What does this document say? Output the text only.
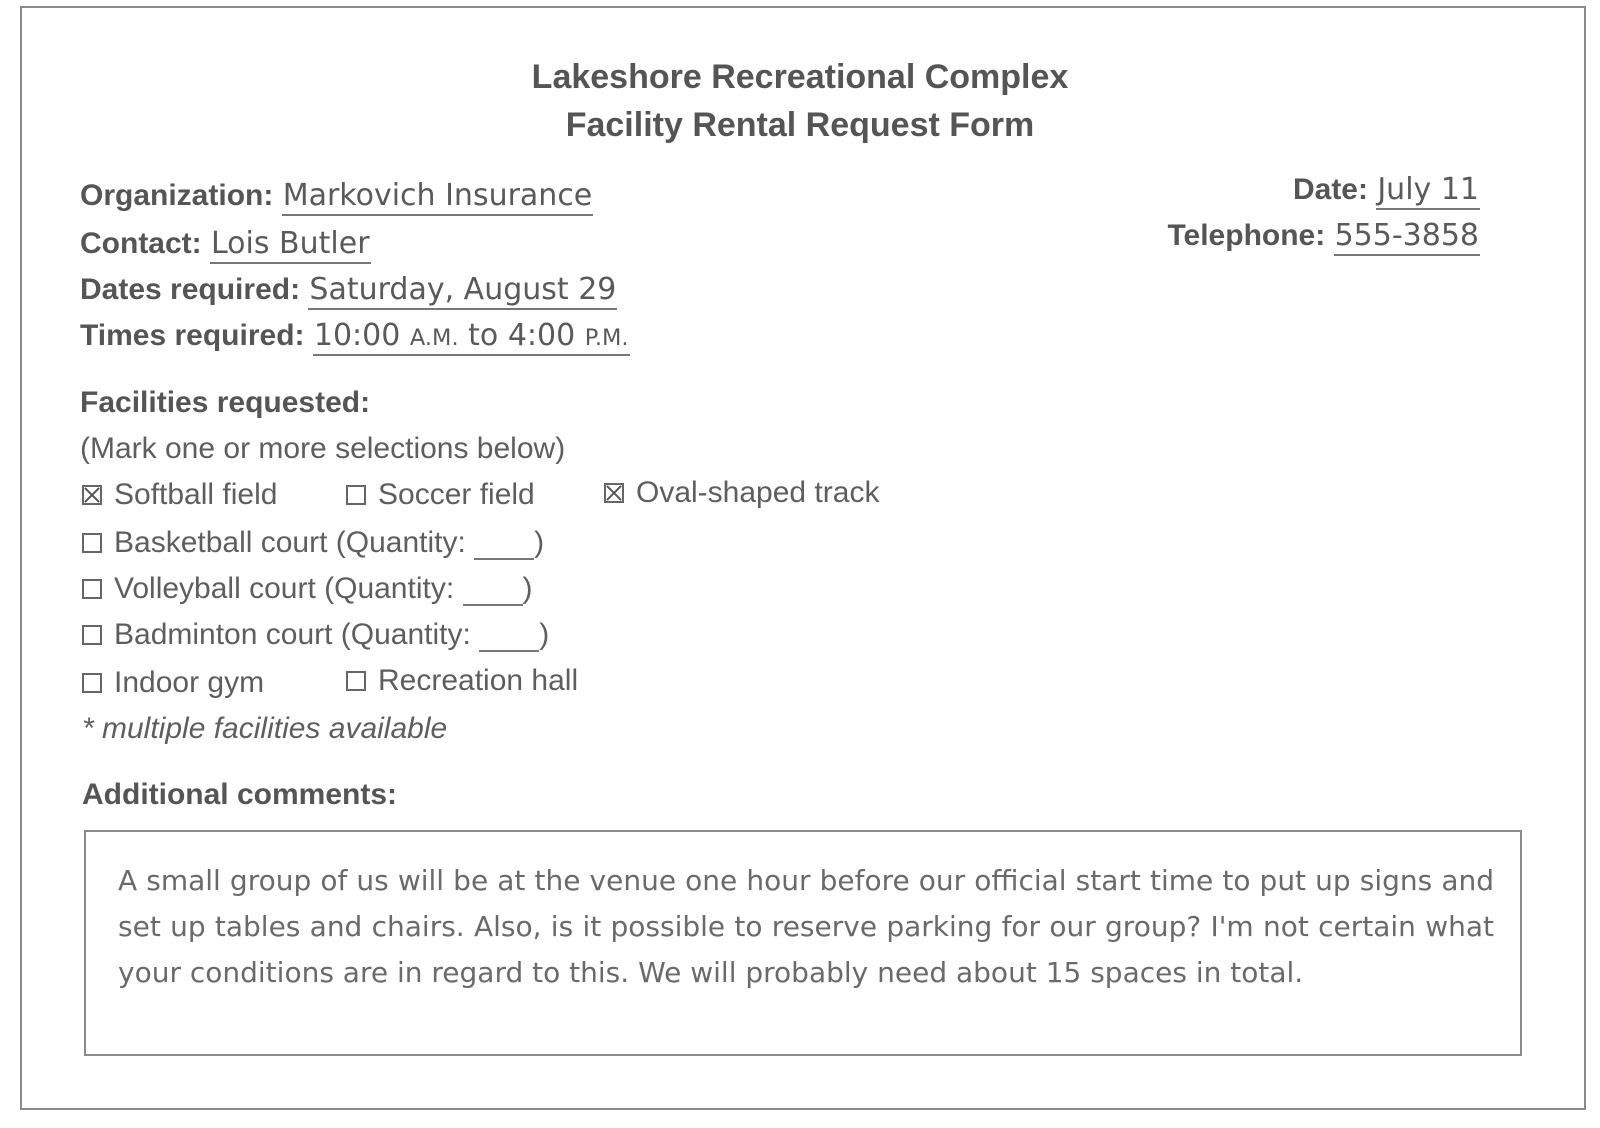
Lakeshore Recreational Complex
Facility Rental Request Form
Organization: Markovich Insurance
Contact: Lois Butler
Dates required: Saturday, August 29
Times required: 10:00 A.M. to 4:00 P.M.
Date: July 11
Telephone: 555-3858
Facilities requested:
(Mark one or more selections below)
Softball field	Soccer field	Oval-shaped track
Basketball court (Quantity: )
Volleyball court (Quantity: )
Badminton court (Quantity: )
Indoor gym	Recreation hall
* multiple facilities available
Additional comments:
A small group of us will be at the venue one hour before our official start time to put up signs and set up tables and chairs. Also, is it possible to reserve parking for our group? I'm not certain what your conditions are in regard to this. We will probably need about 15 spaces in total.
